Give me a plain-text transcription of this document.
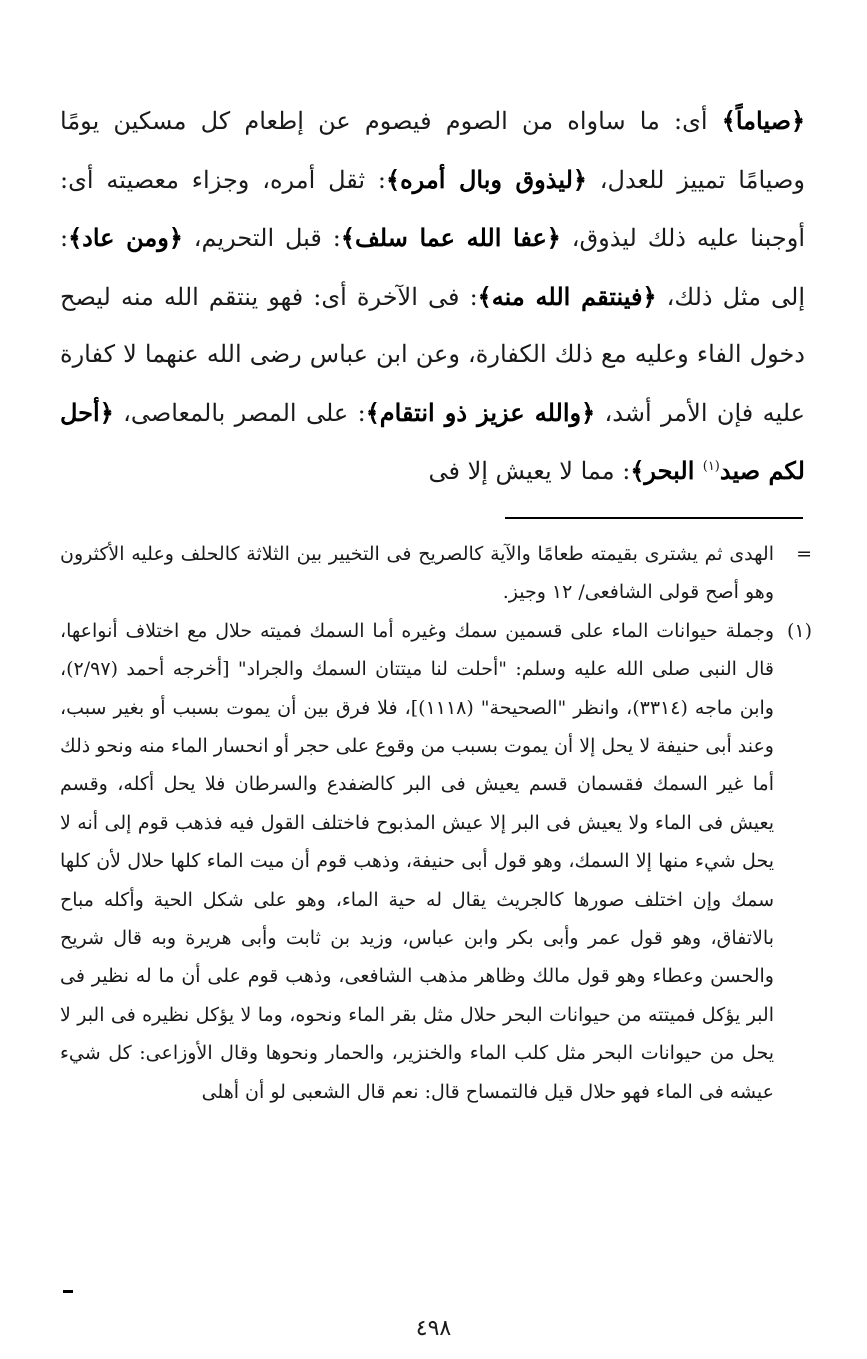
﴿صياماً﴾ أى: ما ساواه من الصوم فيصوم عن إطعام كل مسكين يومًا وصيامًا تمييز للعدل، ﴿ليذوق وبال أمره﴾: ثقل أمره، وجزاء معصيته أى: أوجبنا عليه ذلك ليذوق، ﴿عفا الله عما سلف﴾: قبل التحريم، ﴿ومن عاد﴾: إلى مثل ذلك، ﴿فينتقم الله منه﴾: فى الآخرة أى: فهو ينتقم الله منه ليصح دخول الفاء وعليه مع ذلك الكفارة، وعن ابن عباس رضى الله عنهما لا كفارة عليه فإن الأمر أشد، ﴿والله عزيز ذو انتقام﴾: على المصر بالمعاصى، ﴿أحل لكم صيد$^{(١)}$ البحر﴾: مما لا يعيش إلا فى
=
الهدى ثم يشترى بقيمته طعامًا والآية كالصريح فى التخيير بين الثلاثة كالحلف وعليه الأكثرون وهو أصح قولى الشافعى/ ١٢ وجيز.
(١)
وجملة حيوانات الماء على قسمين سمك وغيره أما السمك فميته حلال مع اختلاف أنواعها، قال النبى صلى الله عليه وسلم: "أحلت لنا ميتتان السمك والجراد" [أخرجه أحمد (٢/٩٧)، وابن ماجه (٣٣١٤)، وانظر "الصحيحة" (١١١٨)]، فلا فرق بين أن يموت بسبب أو بغير سبب، وعند أبى حنيفة لا يحل إلا أن يموت بسبب من وقوع على حجر أو انحسار الماء منه ونحو ذلك أما غير السمك فقسمان قسم يعيش فى البر كالضفدع والسرطان فلا يحل أكله، وقسم يعيش فى الماء ولا يعيش فى البر إلا عيش المذبوح فاختلف القول فيه فذهب قوم إلى أنه لا يحل شيء منها إلا السمك، وهو قول أبى حنيفة، وذهب قوم أن ميت الماء كلها حلال لأن كلها سمك وإن اختلف صورها كالجريث يقال له حية الماء، وهو على شكل الحية وأكله مباح بالاتفاق، وهو قول عمر وأبى بكر وابن عباس، وزيد بن ثابت وأبى هريرة وبه قال شريح والحسن وعطاء وهو قول مالك وظاهر مذهب الشافعى، وذهب قوم على أن ما له نظير فى البر يؤكل فميتته من حيوانات البحر حلال مثل بقر الماء ونحوه، وما لا يؤكل نظيره فى البر لا يحل من حيوانات البحر مثل كلب الماء والخنزير، والحمار ونحوها وقال الأوزاعى: كل شيء عيشه فى الماء فهو حلال قيل فالتمساح قال: نعم قال الشعبى لو أن أهلى
٤٩٨
